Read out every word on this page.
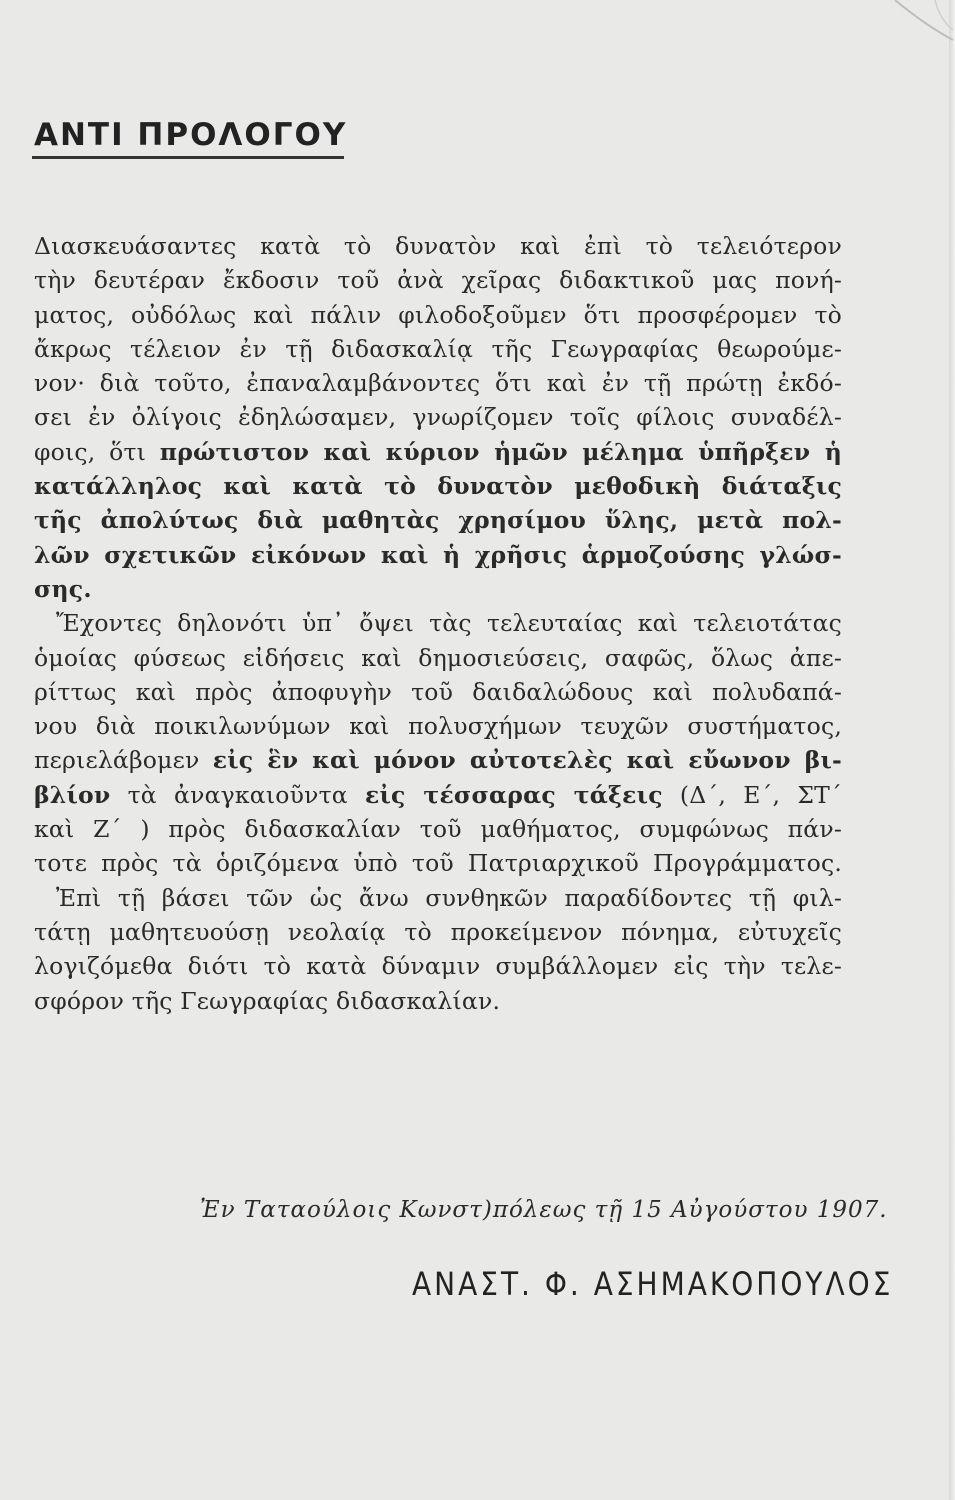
ΑΝΤΙ ΠΡΟΛΟΓΟΥ
Διασκευάσαντες κατὰ τὸ δυνατὸν καὶ ἐπὶ τὸ τελειότερον
τὴν δευτέραν ἔκδοσιν τοῦ ἀνὰ χεῖρας διδακτικοῦ μας πονή-
ματος, οὐδόλως καὶ πάλιν φιλοδοξοῦμεν ὅτι προσφέρομεν τὸ
ἄκρως τέλειον ἐν τῇ διδασκαλίᾳ τῆς Γεωγραφίας θεωρούμε-
νον· διὰ τοῦτο, ἐπαναλαμβάνοντες ὅτι καὶ ἐν τῇ πρώτῃ ἐκδό-
σει ἐν ὀλίγοις ἐδηλώσαμεν, γνωρίζομεν τοῖς φίλοις συναδέλ-
φοις, ὅτι πρώτιστον καὶ κύριον ἡμῶν μέλημα ὑπῆρξεν ἡ
κατάλληλος καὶ κατὰ τὸ δυνατὸν μεθοδικὴ διάταξις
τῆς ἀπολύτως διὰ μαθητὰς χρησίμου ὕλης, μετὰ πολ-
λῶν σχετικῶν εἰκόνων καὶ ἡ χρῆσις ἁρμοζούσης γλώσ-
σης.
Ἔχοντες δηλονότι ὑπ᾽ ὄψει τὰς τελευταίας καὶ τελειοτάτας
ὁμοίας φύσεως εἰδήσεις καὶ δημοσιεύσεις, σαφῶς, ὅλως ἀπε-
ρίττως καὶ πρὸς ἀποφυγὴν τοῦ δαιδαλώδους καὶ πολυδαπά-
νου διὰ ποικιλωνύμων καὶ πολυσχήμων τευχῶν συστήματος,
περιελάβομεν εἰς ἓν καὶ μόνον αὐτοτελὲς καὶ εὔωνον βι-
βλίον τὰ ἀναγκαιοῦντα εἰς τέσσαρας τάξεις (Δ΄, Ε΄, ΣΤ΄
καὶ Ζ΄ ) πρὸς διδασκαλίαν τοῦ μαθήματος, συμφώνως πάν-
τοτε πρὸς τὰ ὁριζόμενα ὑπὸ τοῦ Πατριαρχικοῦ Προγράμματος.
Ἐπὶ τῇ βάσει τῶν ὡς ἄνω συνθηκῶν παραδίδοντες τῇ φιλ-
τάτῃ μαθητευούσῃ νεολαίᾳ τὸ προκείμενον πόνημα, εὐτυχεῖς
λογιζόμεθα διότι τὸ κατὰ δύναμιν συμβάλλομεν εἰς τὴν τελε-
σφόρον τῆς Γεωγραφίας διδασκαλίαν.
Ἐν Ταταούλοις Κωνστ)πόλεως τῇ 15 Αὐγούστου 1907.
ΑΝΑΣΤ. Φ. ΑΣΗΜΑΚΟΠΟΥΛΟΣ
